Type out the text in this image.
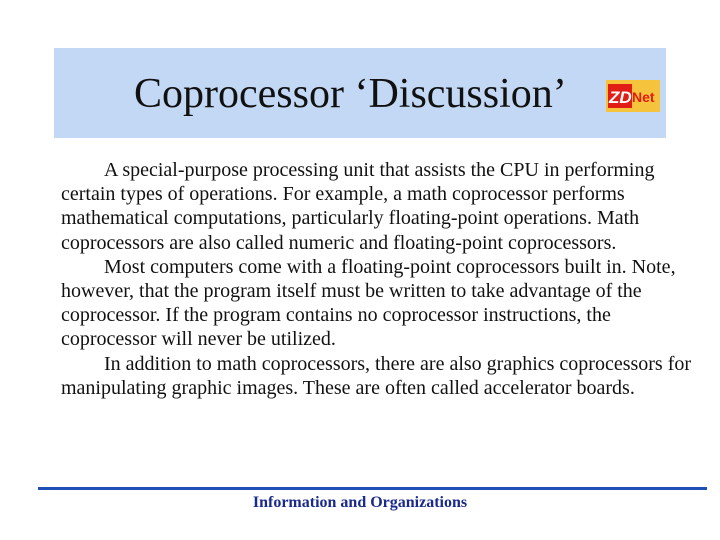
Coprocessor ‘Discussion’ ZD Net

A special-purpose processing unit that assists the CPU in performing certain types of operations. For example, a math coprocessor performs mathematical computations, particularly floating-point operations. Math coprocessors are also called numeric and floating-point coprocessors.

Most computers come with a floating-point coprocessors built in. Note, however, that the program itself must be written to take advantage of the coprocessor. If the program contains no coprocessor instructions, the coprocessor will never be utilized.

In addition to math coprocessors, there are also graphics coprocessors for manipulating graphic images. These are often called accelerator boards.

Information and Organizations
